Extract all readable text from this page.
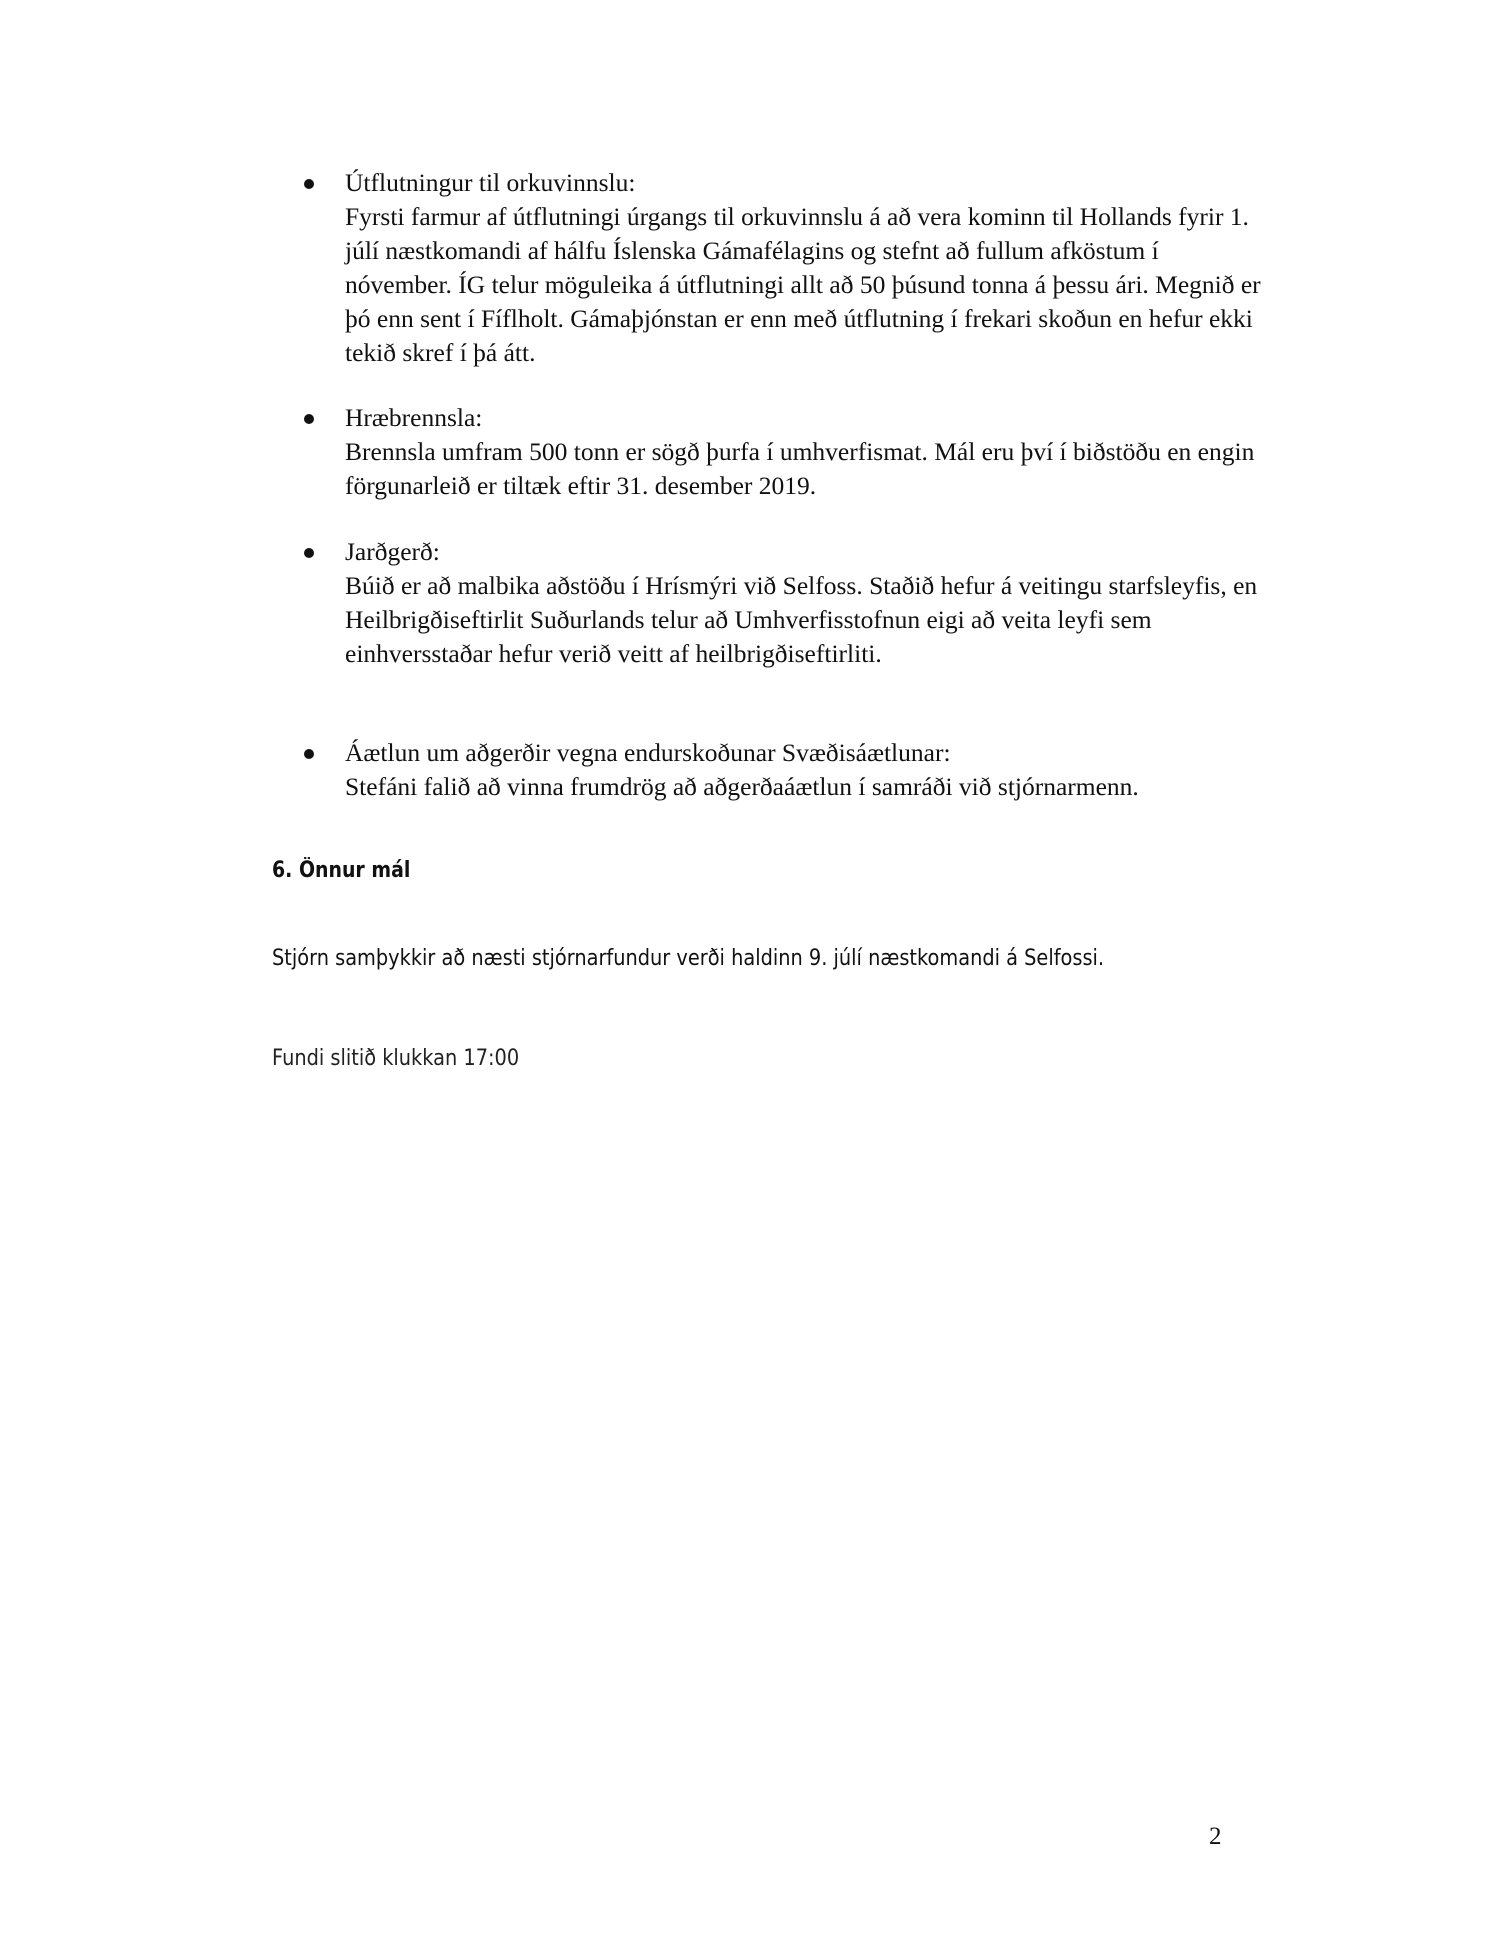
Útflutningur til orkuvinnslu:
Fyrsti farmur af útflutningi úrgangs til orkuvinnslu á að vera kominn til Hollands fyrir 1. júlí næstkomandi af hálfu Íslenska Gámafélagins og stefnt að fullum afköstum í nóvember. ÍG telur möguleika á útflutningi allt að 50 þúsund tonna á þessu ári. Megnið er þó enn sent í Fíflholt. Gámaþjónstan er enn með útflutning í frekari skoðun en hefur ekki tekið skref í þá átt.
Hræbrennsla:
Brennsla umfram 500 tonn er sögð þurfa í umhverfismat. Mál eru því í biðstöðu en engin förgunarleið er tiltæk eftir 31. desember 2019.
Jarðgerð:
Búið er að malbika aðstöðu í Hrísmýri við Selfoss. Staðið hefur á veitingu starfsleyfis, en Heilbrigðiseftirlit Suðurlands telur að Umhverfisstofnun eigi að veita leyfi sem einhversstaðar hefur verið veitt af heilbrigðiseftirliti.
Áætlun um aðgerðir vegna endurskoðunar Svæðisáætlunar:
Stefáni falið að vinna frumdrög að aðgerðaáætlun í samráði við stjórnarmenn.
6. Önnur mál
Stjórn samþykkir að næsti stjórnarfundur verði haldinn 9. júlí næstkomandi á Selfossi.
Fundi slitið klukkan 17:00
2
